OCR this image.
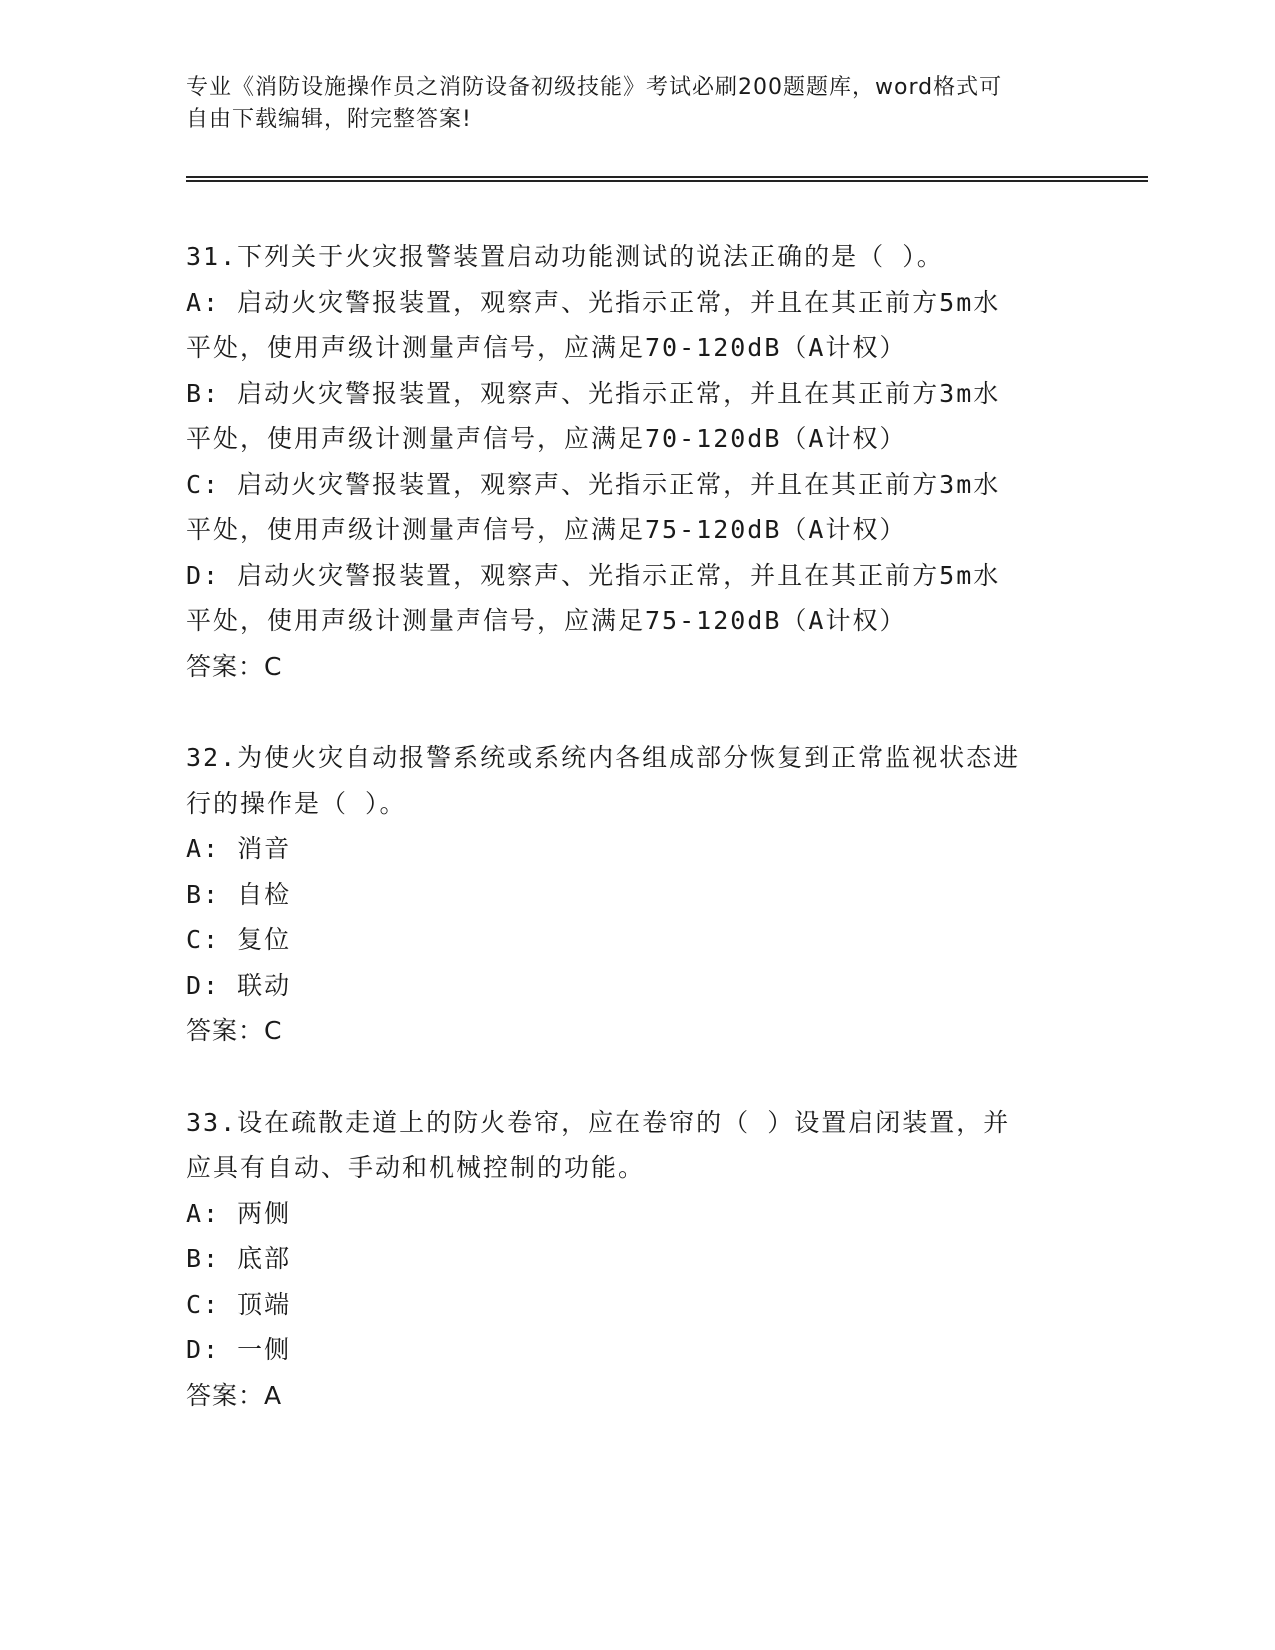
专业《消防设施操作员之消防设备初级技能》考试必刷200题题库，word格式可
自由下载编辑，附完整答案!
31.下列关于火灾报警装置启动功能测试的说法正确的是（ ）。
A: 启动火灾警报装置，观察声、光指示正常，并且在其正前方5m水
平处，使用声级计测量声信号，应满足70-120dB（A计权）
B: 启动火灾警报装置，观察声、光指示正常，并且在其正前方3m水
平处，使用声级计测量声信号，应满足70-120dB（A计权）
C: 启动火灾警报装置，观察声、光指示正常，并且在其正前方3m水
平处，使用声级计测量声信号，应满足75-120dB（A计权）
D: 启动火灾警报装置，观察声、光指示正常，并且在其正前方5m水
平处，使用声级计测量声信号，应满足75-120dB（A计权）
答案：C
32.为使火灾自动报警系统或系统内各组成部分恢复到正常监视状态进
行的操作是（ ）。
A: 消音
B: 自检
C: 复位
D: 联动
答案：C
33.设在疏散走道上的防火卷帘，应在卷帘的（ ）设置启闭装置，并
应具有自动、手动和机械控制的功能。
A: 两侧
B: 底部
C: 顶端
D: 一侧
答案：A
